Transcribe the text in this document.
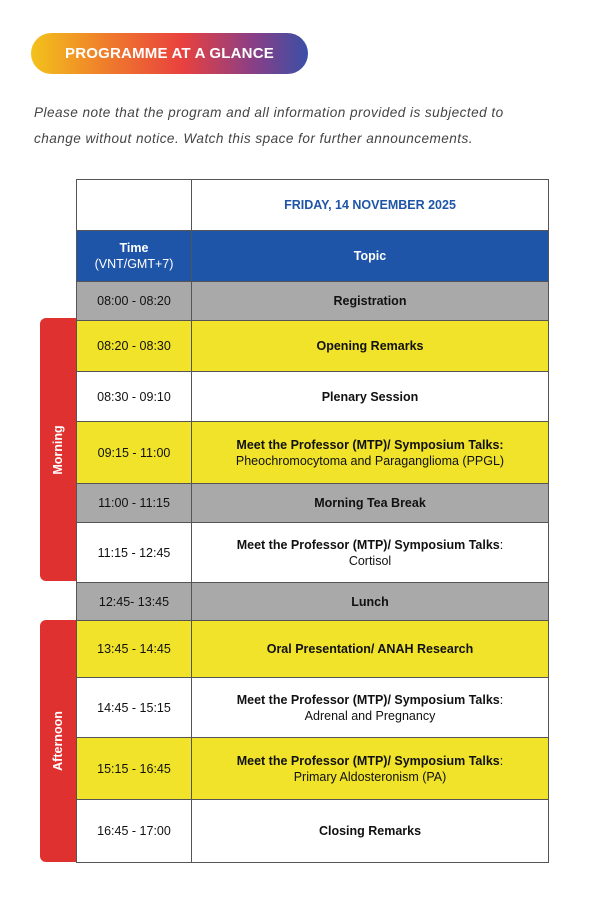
PROGRAMME AT A GLANCE

Please note that the program and all information provided is subjected to

change without notice. Watch this space for further announcements.

Morning
Afternoon
	FRIDAY, 14 NOVEMBER 2025
Time
(VNT/GMT+7)	Topic
08:00 - 08:20	Registration
08:20 - 08:30	Opening Remarks
08:30 - 09:10	Plenary Session
09:15 - 11:00	Meet the Professor (MTP)/ Symposium Talks:
Pheochromocytoma and Paraganglioma (PPGL)

11:00 - 11:15	Morning Tea Break
11:15 - 12:45	Meet the Professor (MTP)/ Symposium Talks:
Cortisol

12:45- 13:45	Lunch
13:45 - 14:45	Oral Presentation/ ANAH Research
14:45 - 15:15	Meet the Professor (MTP)/ Symposium Talks:
Adrenal and Pregnancy

15:15 - 16:45	Meet the Professor (MTP)/ Symposium Talks:
Primary Aldosteronism (PA)

16:45 - 17:00	Closing Remarks
